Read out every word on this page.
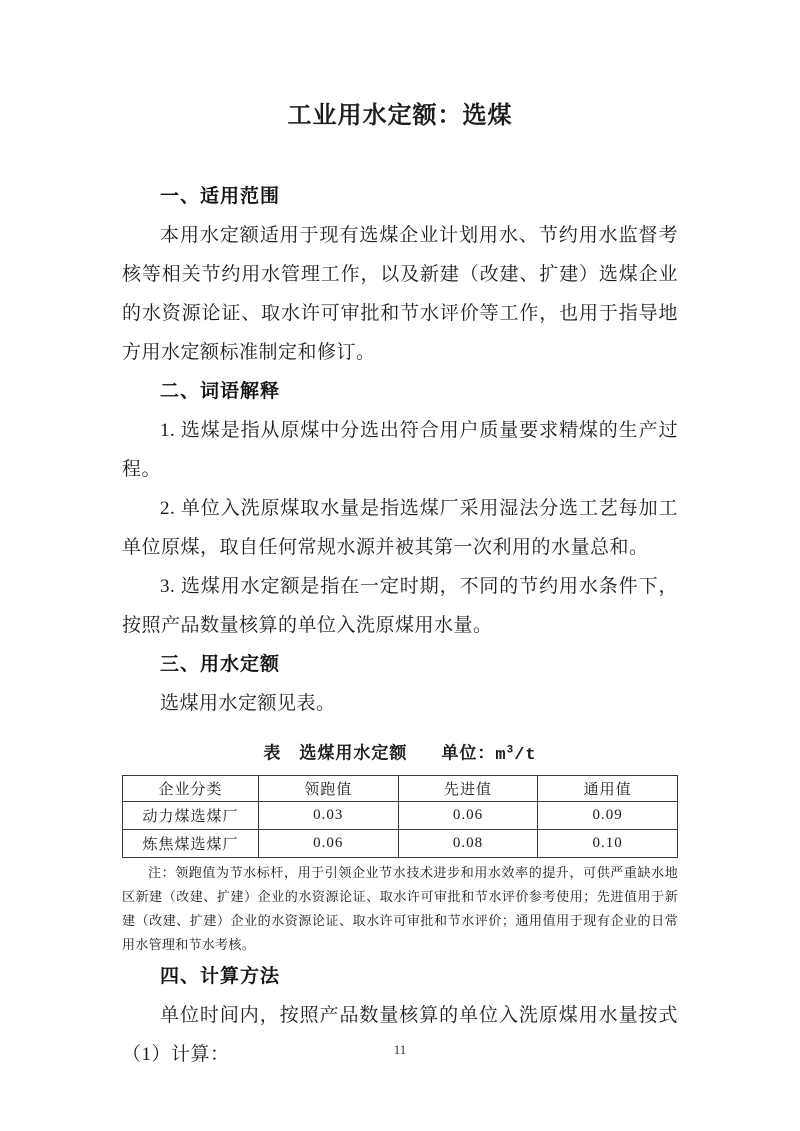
工业用水定额：选煤
一、适用范围

本用水定额适用于现有选煤企业计划用水、节约用水监督考核等相关节约用水管理工作，以及新建（改建、扩建）选煤企业的水资源论证、取水许可审批和节水评价等工作，也用于指导地方用水定额标准制定和修订。

二、词语解释

1. 选煤是指从原煤中分选出符合用户质量要求精煤的生产过程。

2. 单位入洗原煤取水量是指选煤厂采用湿法分选工艺每加工单位原煤，取自任何常规水源并被其第一次利用的水量总和。

3. 选煤用水定额是指在一定时期，不同的节约用水条件下，按照产品数量核算的单位入洗原煤用水量。

三、用水定额

选煤用水定额见表。

表 选煤用水定额 单位：$m^3/t$

企业分类	领跑值	先进值	通用值
动力煤选煤厂	0.03	0.06	0.09
炼焦煤选煤厂	0.06	0.08	0.10

注：领跑值为节水标杆，用于引领企业节水技术进步和用水效率的提升，可供严重缺水地区新建（改建、扩建）企业的水资源论证、取水许可审批和节水评价参考使用；先进值用于新建（改建、扩建）企业的水资源论证、取水许可审批和节水评价；通用值用于现有企业的日常用水管理和节水考核。

四、计算方法

单位时间内，按照产品数量核算的单位入洗原煤用水量按式（1）计算：	11
